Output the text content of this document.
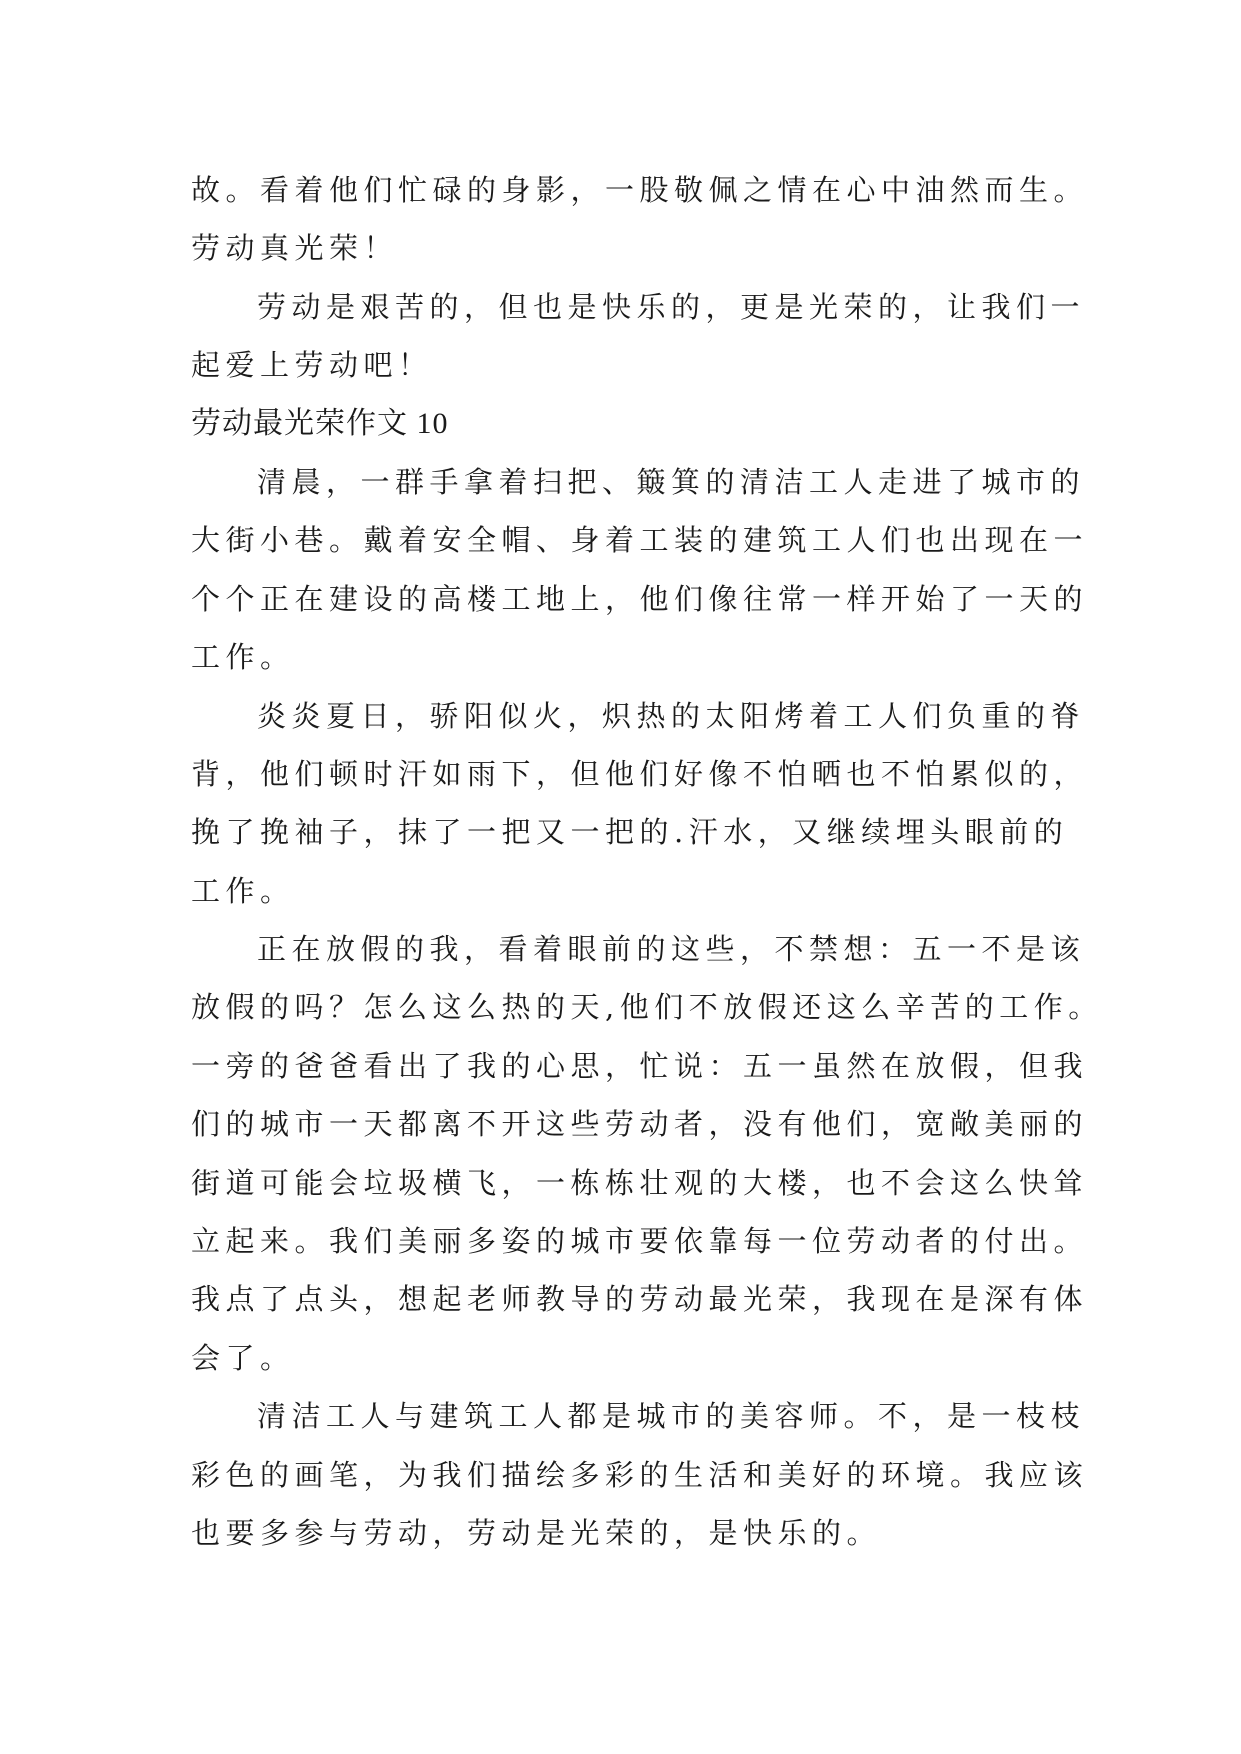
故。看着他们忙碌的身影，一股敬佩之情在心中油然而生。
劳动真光荣！
劳动是艰苦的，但也是快乐的，更是光荣的，让我们一
起爱上劳动吧！
劳动最光荣作文 10
清晨，一群手拿着扫把、簸箕的清洁工人走进了城市的
大街小巷。戴着安全帽、身着工装的建筑工人们也出现在一
个个正在建设的高楼工地上，他们像往常一样开始了一天的
工作。
炎炎夏日，骄阳似火，炽热的太阳烤着工人们负重的脊
背，他们顿时汗如雨下，但他们好像不怕晒也不怕累似的，
挽了挽袖子，抹了一把又一把的.汗水，又继续埋头眼前的
工作。
正在放假的我，看着眼前的这些，不禁想：五一不是该
放假的吗？怎么这么热的天,他们不放假还这么辛苦的工作。
一旁的爸爸看出了我的心思，忙说：五一虽然在放假，但我
们的城市一天都离不开这些劳动者，没有他们，宽敞美丽的
街道可能会垃圾横飞，一栋栋壮观的大楼，也不会这么快耸
立起来。我们美丽多姿的城市要依靠每一位劳动者的付出。
我点了点头，想起老师教导的劳动最光荣，我现在是深有体
会了。
清洁工人与建筑工人都是城市的美容师。不，是一枝枝
彩色的画笔，为我们描绘多彩的生活和美好的环境。我应该
也要多参与劳动，劳动是光荣的，是快乐的。
